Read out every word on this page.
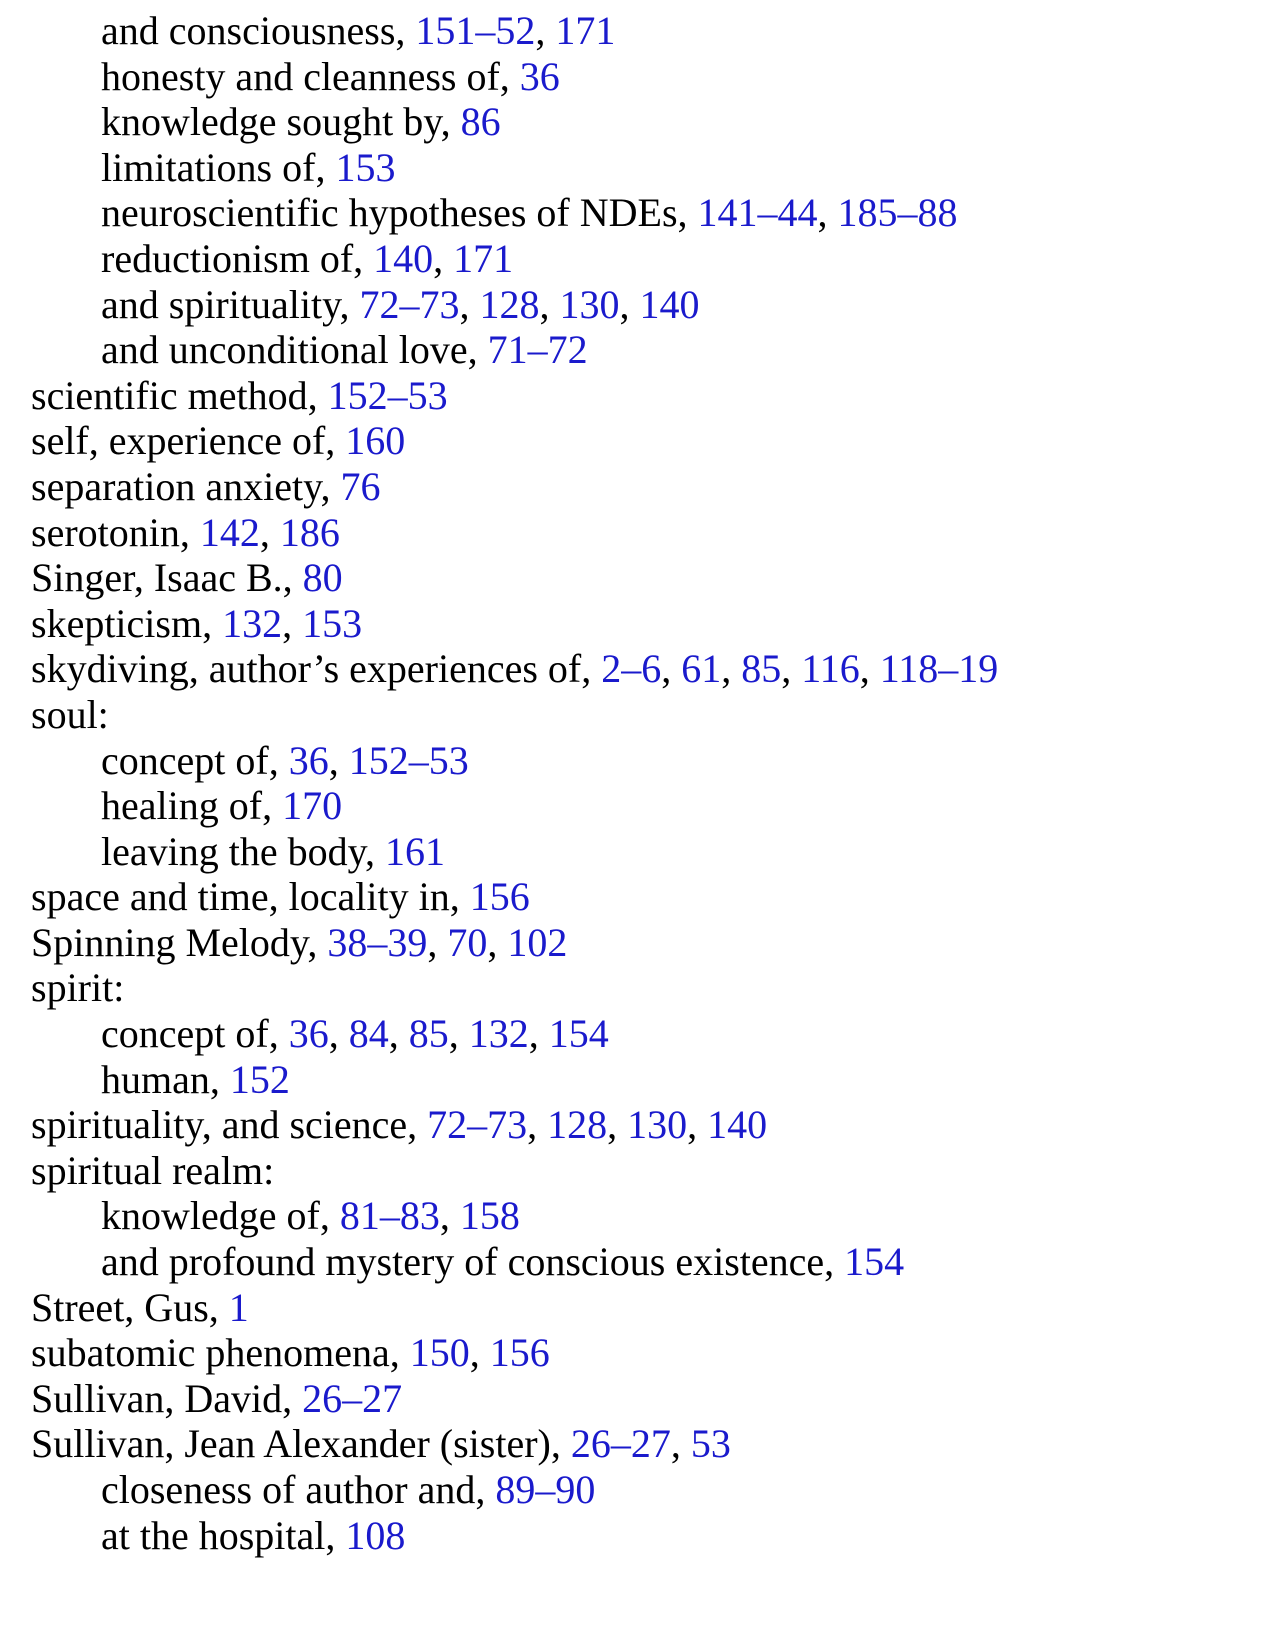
and consciousness, 151–52, 171
honesty and cleanness of, 36
knowledge sought by, 86
limitations of, 153
neuroscientific hypotheses of NDEs, 141–44, 185–88
reductionism of, 140, 171
and spirituality, 72–73, 128, 130, 140
and unconditional love, 71–72
scientific method, 152–53
self, experience of, 160
separation anxiety, 76
serotonin, 142, 186
Singer, Isaac B., 80
skepticism, 132, 153
skydiving, author’s experiences of, 2–6, 61, 85, 116, 118–19
soul:
concept of, 36, 152–53
healing of, 170
leaving the body, 161
space and time, locality in, 156
Spinning Melody, 38–39, 70, 102
spirit:
concept of, 36, 84, 85, 132, 154
human, 152
spirituality, and science, 72–73, 128, 130, 140
spiritual realm:
knowledge of, 81–83, 158
and profound mystery of conscious existence, 154
Street, Gus, 1
subatomic phenomena, 150, 156
Sullivan, David, 26–27
Sullivan, Jean Alexander (sister), 26–27, 53
closeness of author and, 89–90
at the hospital, 108
